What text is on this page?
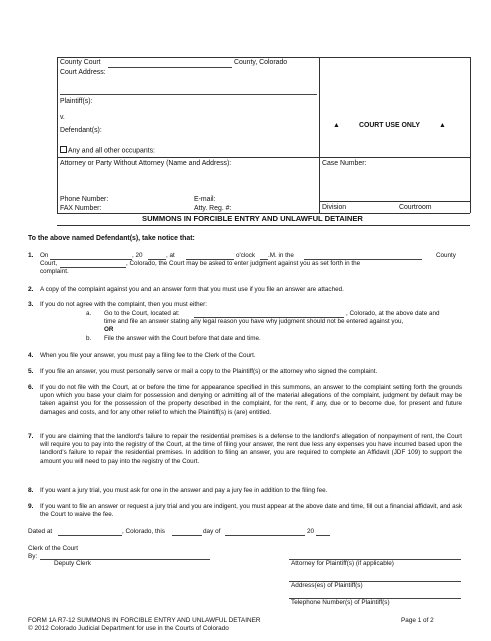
County Court	County, Colorado
Court Address:
Plaintiff(s):
v.
Defendant(s):
Any and all other occupants:
▲	COURT USE ONLY	▲
Attorney or Party Without Attorney (Name and Address):	Case Number:
Phone Number:	E-mail:
FAX Number:	Atty. Reg. #:	Division	Courtroom
SUMMONS IN FORCIBLE ENTRY AND UNLAWFUL DETAINER
To the above named Defendant(s), take notice that:
1. On	, 20	, at	o'clock .M. in the	County
Court,	, Colorado, the Court may be asked to enter judgment against you as set forth in the
complaint.
2. A copy of the complaint against you and an answer form that you must use if you file an answer are attached.
3. If you do not agree with the complaint, then you must either:
a. Go to the Court, located at:	, Colorado, at the above date and
time and file an answer stating any legal reason you have why judgment should not be entered against you,
OR
b. File the answer with the Court before that date and time.
4. When you file your answer, you must pay a filing fee to the Clerk of the Court.
5. If you file an answer, you must personally serve or mail a copy to the Plaintiff(s) or the attorney who signed the complaint.
6. If you do not file with the Court, at or before the time for appearance specified in this summons, an answer to the complaint setting forth the grounds upon which you base your claim for possession and denying or admitting all of the material allegations of the complaint, judgment by default may be taken against you for the possession of the property described in the complaint, for the rent, if any, due or to become due, for present and future damages and costs, and for any other relief to which the Plaintiff(s) is (are) entitled.
7. If you are claiming that the landlord's failure to repair the residential premises is a defense to the landlord's allegation of nonpayment of rent, the Court will require you to pay into the registry of the Court, at the time of filing your answer, the rent due less any expenses you have incurred based upon the landlord's failure to repair the residential premises. In addition to filing an answer, you are required to complete an Affidavit (JDF 109) to support the amount you will need to pay into the registry of the Court.
8. If you want a jury trial, you must ask for one in the answer and pay a jury fee in addition to the filing fee.
9. If you want to file an answer or request a jury trial and you are indigent, you must appear at the above date and time, fill out a financial affidavit, and ask the Court to waive the fee.
Dated at	, Colorado, this	day of	20
Clerk of the Court
By:
Deputy Clerk	Attorney for Plaintiff(s) (if applicable)
Address(es) of Plaintiff(s)
Telephone Number(s) of Plaintiff(s)
FORM 1A R7-12 SUMMONS IN FORCIBLE ENTRY AND UNLAWFUL DETAINER	Page 1 of 2
© 2012 Colorado Judicial Department for use in the Courts of Colorado
